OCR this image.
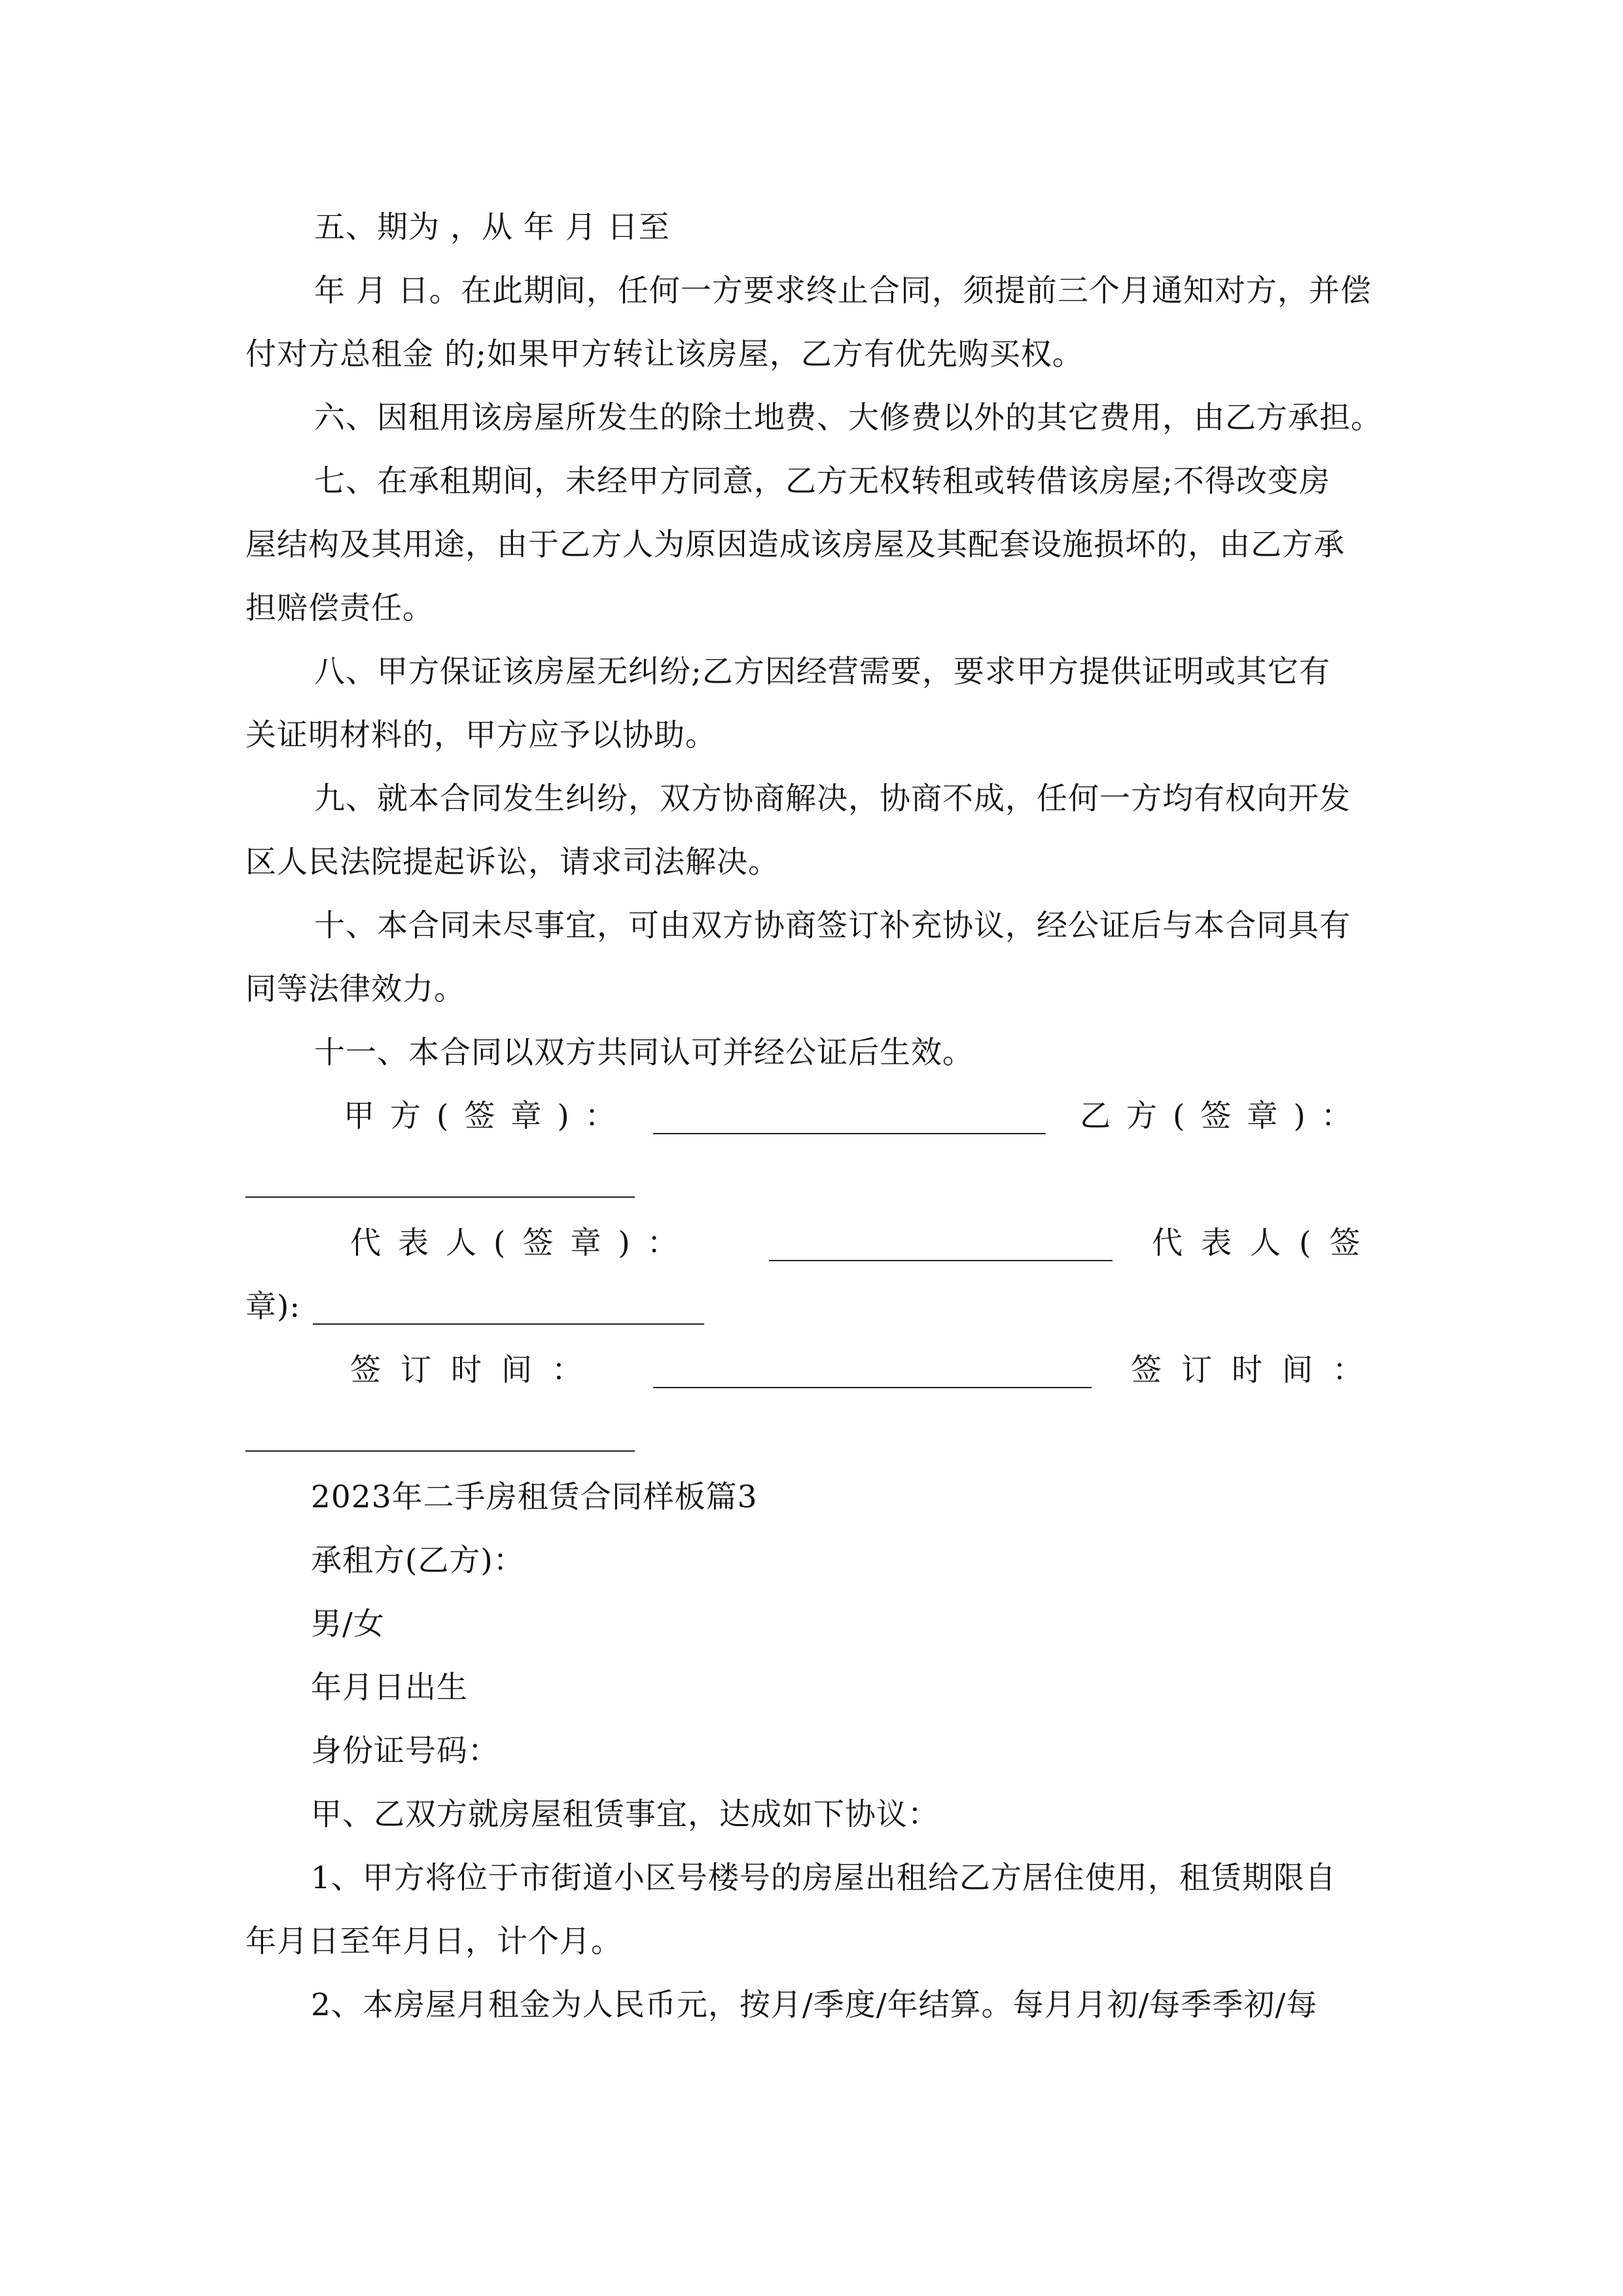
五、期为 ，从 年 月 日至
年 月 日。在此期间，任何一方要求终止合同，须提前三个月通知对方，并偿
付对方总租金 的;如果甲方转让该房屋，乙方有优先购买权。
六、因租用该房屋所发生的除土地费、大修费以外的其它费用，由乙方承担。
七、在承租期间，未经甲方同意，乙方无权转租或转借该房屋;不得改变房
屋结构及其用途，由于乙方人为原因造成该房屋及其配套设施损坏的，由乙方承
担赔偿责任。
八、甲方保证该房屋无纠纷;乙方因经营需要，要求甲方提供证明或其它有
关证明材料的，甲方应予以协助。
九、就本合同发生纠纷，双方协商解决，协商不成，任何一方均有权向开发
区人民法院提起诉讼，请求司法解决。
十、本合同未尽事宜，可由双方协商签订补充协议，经公证后与本合同具有
同等法律效力。
十一、本合同以双方共同认可并经公证后生效。
甲方(签章)：	乙方(签章)：
代表人(签章)：	代表人(签
章):
签订时间：	签订时间：
2023年二手房租赁合同样板篇3
承租方(乙方)：
男/女
年月日出生
身份证号码：
甲、乙双方就房屋租赁事宜，达成如下协议：
1、甲方将位于市街道小区号楼号的房屋出租给乙方居住使用，租赁期限自
年月日至年月日，计个月。
2、本房屋月租金为人民币元，按月/季度/年结算。每月月初/每季季初/每
